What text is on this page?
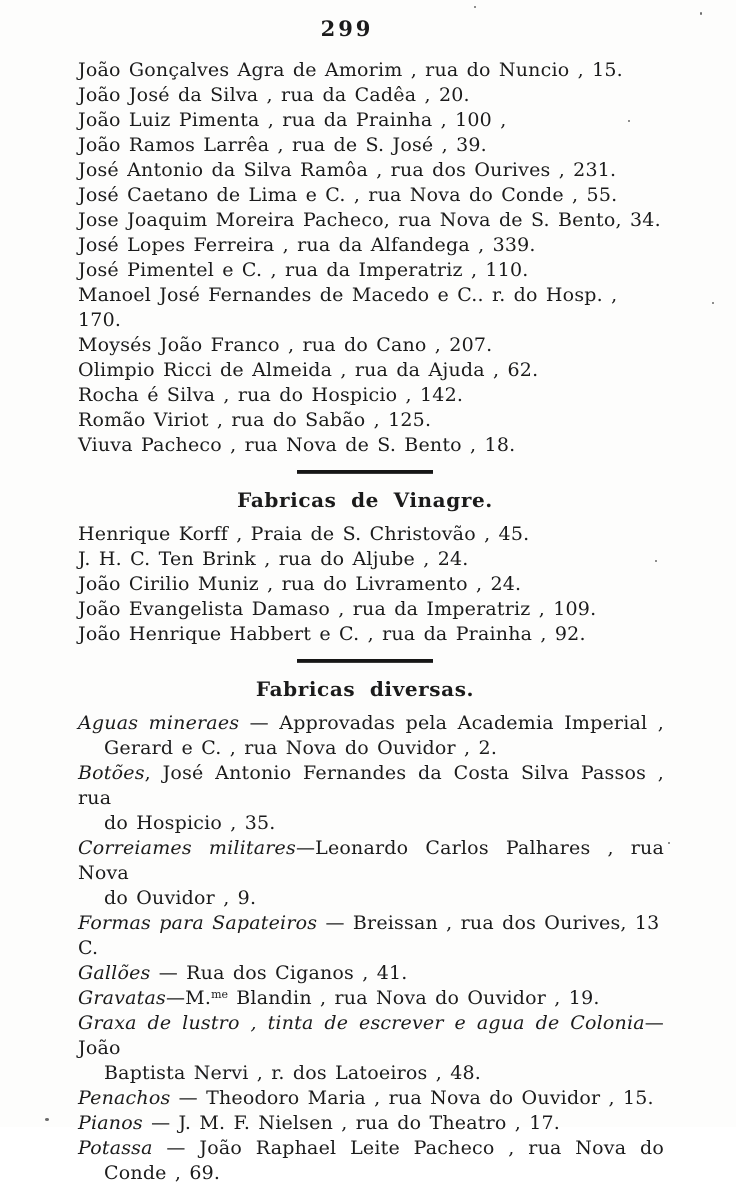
299

João Gonçalves Agra de Amorim , rua do Nuncio , 15.

João José da Silva , rua da Cadêa , 20.

João Luiz Pimenta , rua da Prainha , 100 ,

João Ramos Larrêa , rua de S. José , 39.

José Antonio da Silva Ramôa , rua dos Ourives , 231.

José Caetano de Lima e C. , rua Nova do Conde , 55.

Jose Joaquim Moreira Pacheco, rua Nova de S. Bento, 34.

José Lopes Ferreira , rua da Alfandega , 339.

José Pimentel e C. , rua da Imperatriz , 110.

Manoel José Fernandes de Macedo e C.. r. do Hosp. , 170.

Moysés João Franco , rua do Cano , 207.

Olimpio Ricci de Almeida , rua da Ajuda , 62.

Rocha é Silva , rua do Hospicio , 142.

Romão Viriot , rua do Sabão , 125.

Viuva Pacheco , rua Nova de S. Bento , 18.

Fabricas de Vinagre.

Henrique Korff , Praia de S. Christovão , 45.

J. H. C. Ten Brink , rua do Aljube , 24.

João Cirilio Muniz , rua do Livramento , 24.

João Evangelista Damaso , rua da Imperatriz , 109.

João Henrique Habbert e C. , rua da Prainha , 92.

Fabricas diversas.

Aguas mineraes — Approvadas pela Academia Imperial ,
Gerard e C. , rua Nova do Ouvidor , 2.

Botões, José Antonio Fernandes da Costa Silva Passos , rua
do Hospicio , 35.

Correiames militares—Leonardo Carlos Palhares , rua Nova
do Ouvidor , 9.

Formas para Sapateiros — Breissan , rua dos Ourives, 13 C.

Gallões — Rua dos Ciganos , 41.

Gravatas—M.$^{me}$ Blandin , rua Nova do Ouvidor , 19.

Graxa de lustro , tinta de escrever e agua de Colonia— João
Baptista Nervi , r. dos Latoeiros , 48.

Penachos — Theodoro Maria , rua Nova do Ouvidor , 15.

Pianos — J. M. F. Nielsen , rua do Theatro , 17.

Potassa — João Raphael Leite Pacheco , rua Nova do
Conde , 69.
